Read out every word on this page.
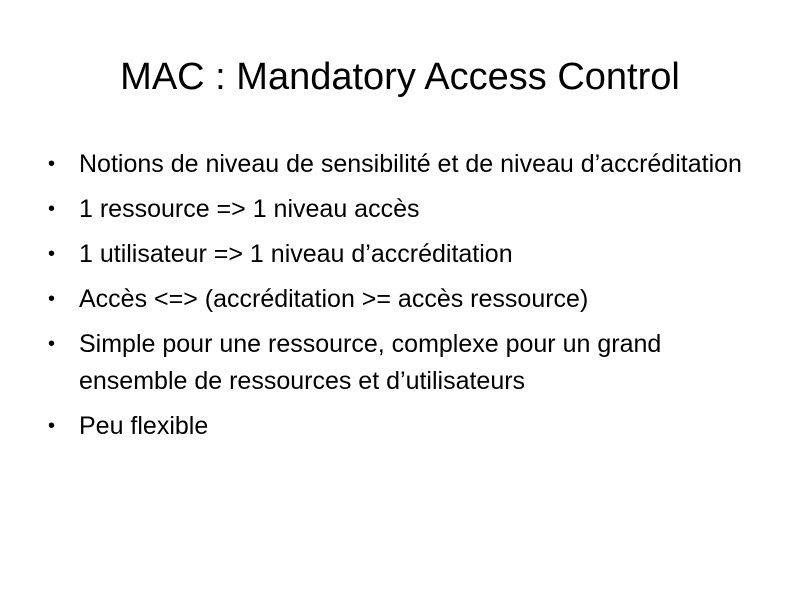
MAC : Mandatory Access Control
• Notions de niveau de sensibilité et de niveau d’accréditation
• 1 ressource => 1 niveau accès
• 1 utilisateur => 1 niveau d’accréditation
• Accès <=> (accréditation >= accès ressource)
• Simple pour une ressource, complexe pour un grand ensemble de ressources et d’utilisateurs
• Peu flexible
